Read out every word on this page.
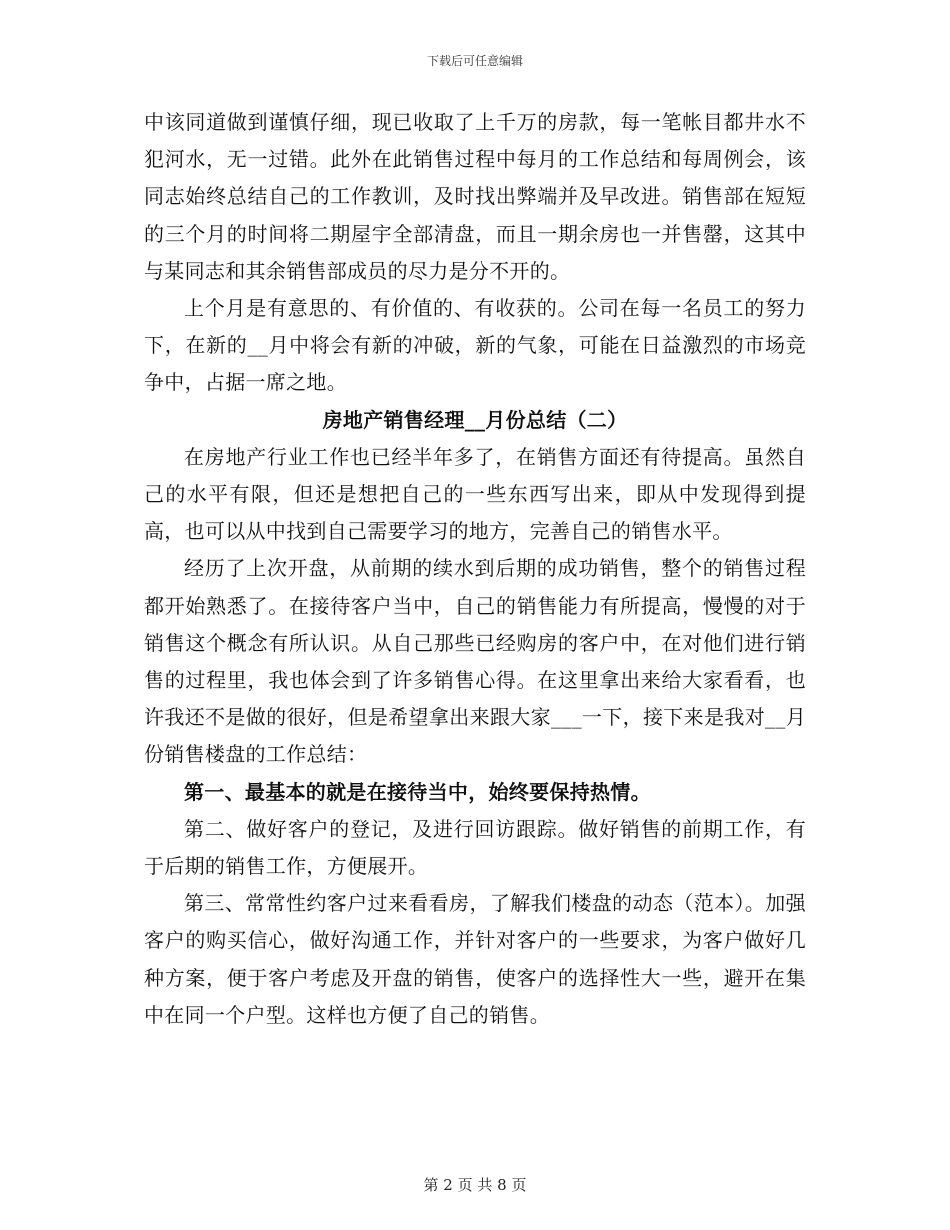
下载后可任意编辑

中该同道做到谨慎仔细，现已收取了上千万的房款，每一笔帐目都井水不犯河水，无一过错。此外在此销售过程中每月的工作总结和每周例会，该同志始终总结自己的工作教训，及时找出弊端并及早改进。销售部在短短的三个月的时间将二期屋宇全部清盘，而且一期余房也一并售罄，这其中与某同志和其余销售部成员的尽力是分不开的。

上个月是有意思的、有价值的、有收获的。公司在每一名员工的努力下，在新的__月中将会有新的冲破，新的气象，可能在日益激烈的市场竞争中，占据一席之地。

房地产销售经理__月份总结（二）

在房地产行业工作也已经半年多了，在销售方面还有待提高。虽然自己的水平有限，但还是想把自己的一些东西写出来，即从中发现得到提高，也可以从中找到自己需要学习的地方，完善自己的销售水平。

经历了上次开盘，从前期的续水到后期的成功销售，整个的销售过程都开始熟悉了。在接待客户当中，自己的销售能力有所提高，慢慢的对于销售这个概念有所认识。从自己那些已经购房的客户中，在对他们进行销售的过程里，我也体会到了许多销售心得。在这里拿出来给大家看看，也许我还不是做的很好，但是希望拿出来跟大家___一下，接下来是我对__月份销售楼盘的工作总结：

第一、最基本的就是在接待当中，始终要保持热情。

第二、做好客户的登记，及进行回访跟踪。做好销售的前期工作，有于后期的销售工作，方便展开。

第三、常常性约客户过来看看房，了解我们楼盘的动态（范本）。加强客户的购买信心，做好沟通工作，并针对客户的一些要求，为客户做好几种方案，便于客户考虑及开盘的销售，使客户的选择性大一些，避开在集中在同一个户型。这样也方便了自己的销售。

第 2 页 共 8 页
